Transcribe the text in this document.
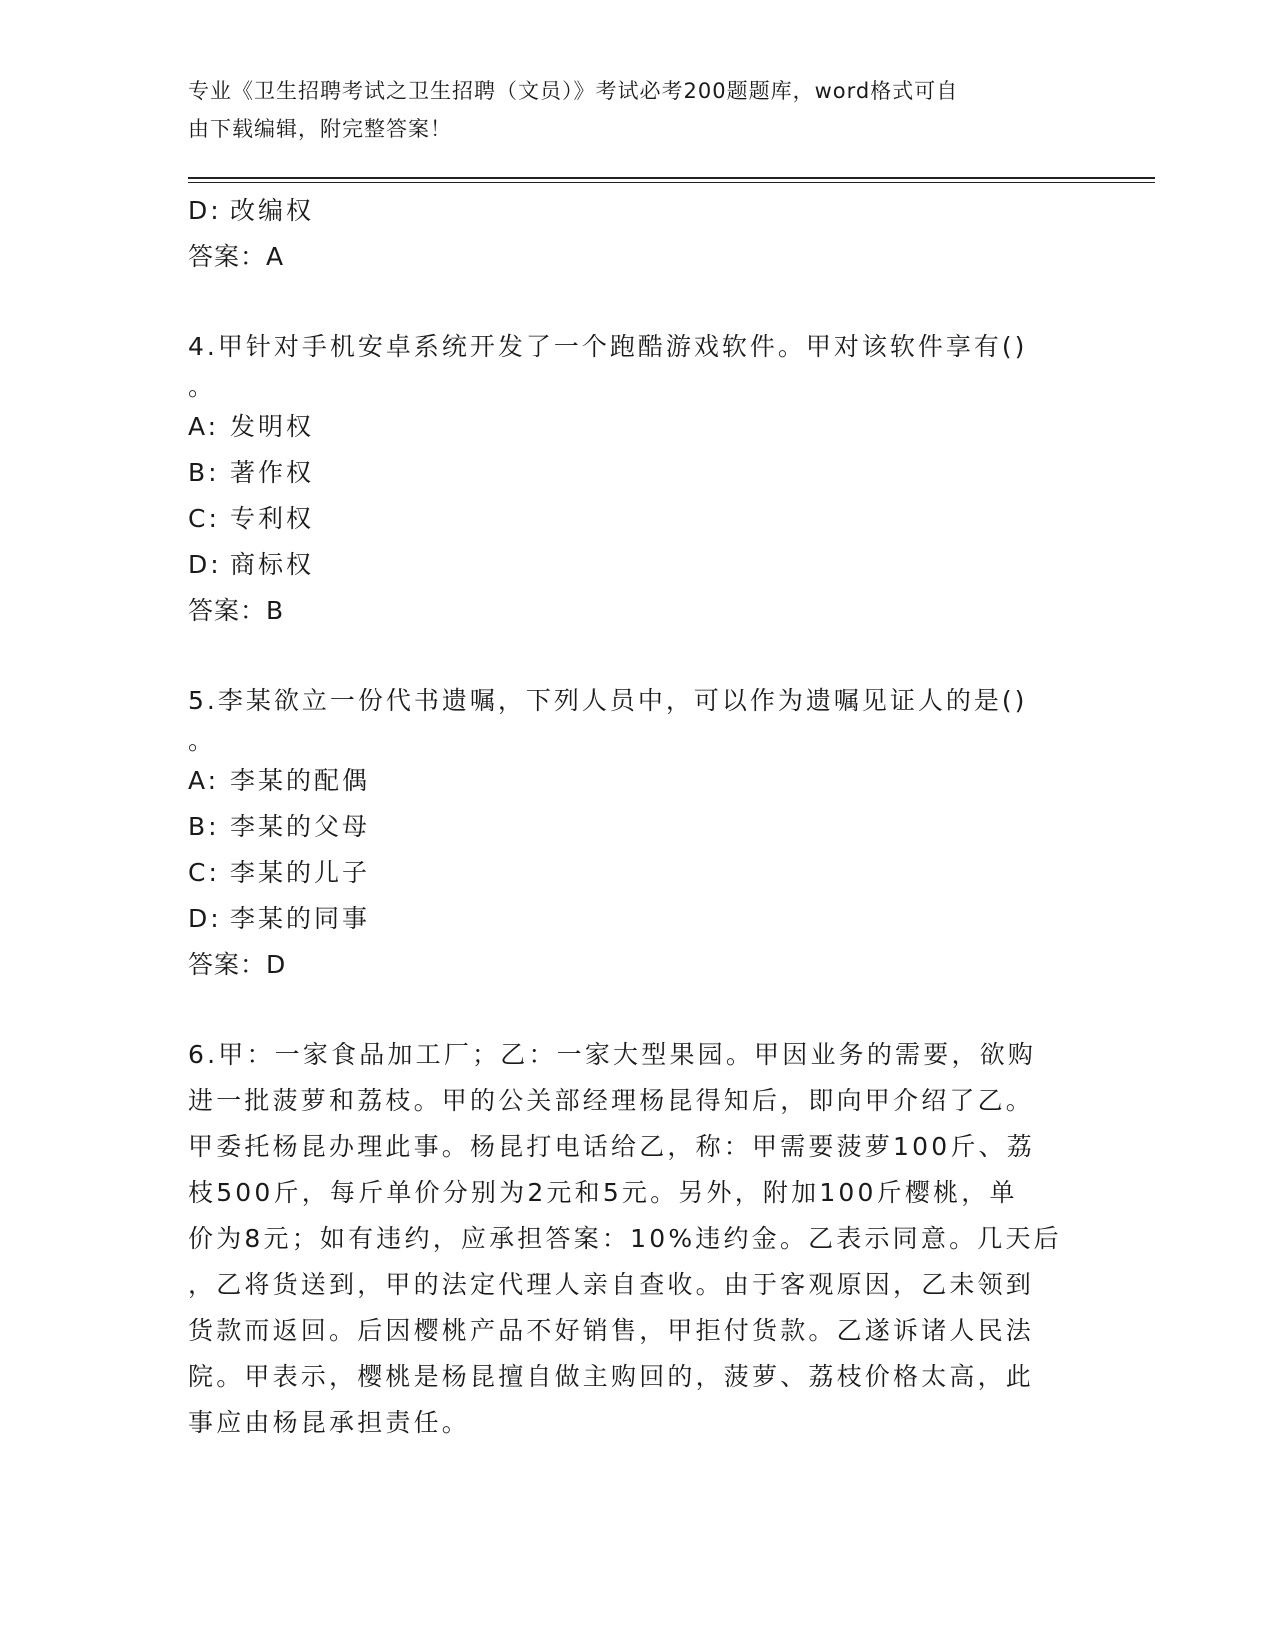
专业《卫生招聘考试之卫生招聘（文员）》考试必考200题题库，word格式可自
由下载编辑，附完整答案！
D: 改编权
答案：A
4.甲针对手机安卓系统开发了一个跑酷游戏软件。甲对该软件享有()
。
A: 发明权
B: 著作权
C: 专利权
D: 商标权
答案：B
5.李某欲立一份代书遗嘱，下列人员中，可以作为遗嘱见证人的是()
。
A: 李某的配偶
B: 李某的父母
C: 李某的儿子
D: 李某的同事
答案：D
6.甲：一家食品加工厂；乙：一家大型果园。甲因业务的需要，欲购
进一批菠萝和荔枝。甲的公关部经理杨昆得知后，即向甲介绍了乙。
甲委托杨昆办理此事。杨昆打电话给乙，称：甲需要菠萝100斤、荔
枝500斤，每斤单价分别为2元和5元。另外，附加100斤樱桃，单
价为8元；如有违约，应承担答案：10%违约金。乙表示同意。几天后
，乙将货送到，甲的法定代理人亲自查收。由于客观原因，乙未领到
货款而返回。后因樱桃产品不好销售，甲拒付货款。乙遂诉诸人民法
院。甲表示，樱桃是杨昆擅自做主购回的，菠萝、荔枝价格太高，此
事应由杨昆承担责任。
